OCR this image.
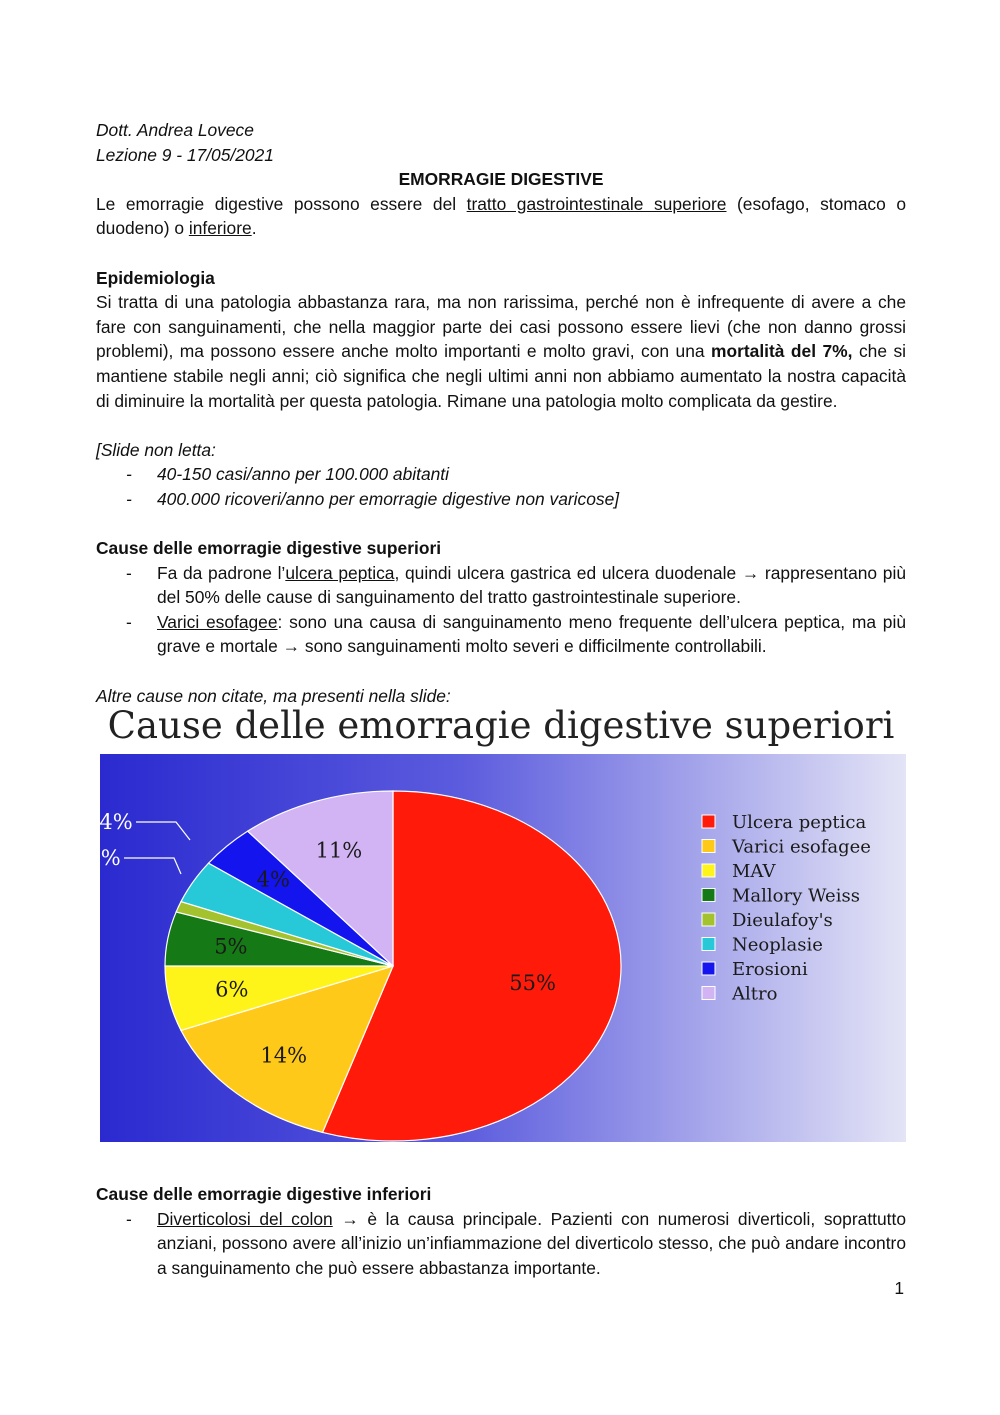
Dott. Andrea Lovece
Lezione 9 - 17/05/2021
EMORRAGIE DIGESTIVE
Le emorragie digestive possono essere del tratto gastrointestinale superiore (esofago, stomaco o duodeno) o inferiore.
Epidemiologia
Si tratta di una patologia abbastanza rara, ma non rarissima, perché non è infrequente di avere a che fare con sanguinamenti, che nella maggior parte dei casi possono essere lievi (che non danno grossi problemi), ma possono essere anche molto importanti e molto gravi, con una mortalità del 7%, che si mantiene stabile negli anni; ciò significa che negli ultimi anni non abbiamo aumentato la nostra capacità di diminuire la mortalità per questa patologia. Rimane una patologia molto complicata da gestire.
[Slide non letta:
- 40-150 casi/anno per 100.000 abitanti
- 400.000 ricoveri/anno per emorragie digestive non varicose]
Cause delle emorragie digestive superiori
- Fa da padrone l’ulcera peptica, quindi ulcera gastrica ed ulcera duodenale → rappresentano più del 50% delle cause di sanguinamento del tratto gastrointestinale superiore.
- Varici esofagee: sono una causa di sanguinamento meno frequente dell’ulcera peptica, ma più grave e mortale → sono sanguinamenti molto severi e difficilmente controllabili.
Altre cause non citate, ma presenti nella slide:
Cause delle emorragie digestive superiori
55%
14%
6%
5%
1%
4%
4%
11%
Ulcera peptica
Varici esofagee
MAV
Mallory Weiss
Dieulafoy's
Neoplasie
Erosioni
Altro
Cause delle emorragie digestive inferiori
- Diverticolosi del colon → è la causa principale. Pazienti con numerosi diverticoli, soprattutto anziani, possono avere all’inizio un’infiammazione del diverticolo stesso, che può andare incontro a sanguinamento che può essere abbastanza importante.
1
